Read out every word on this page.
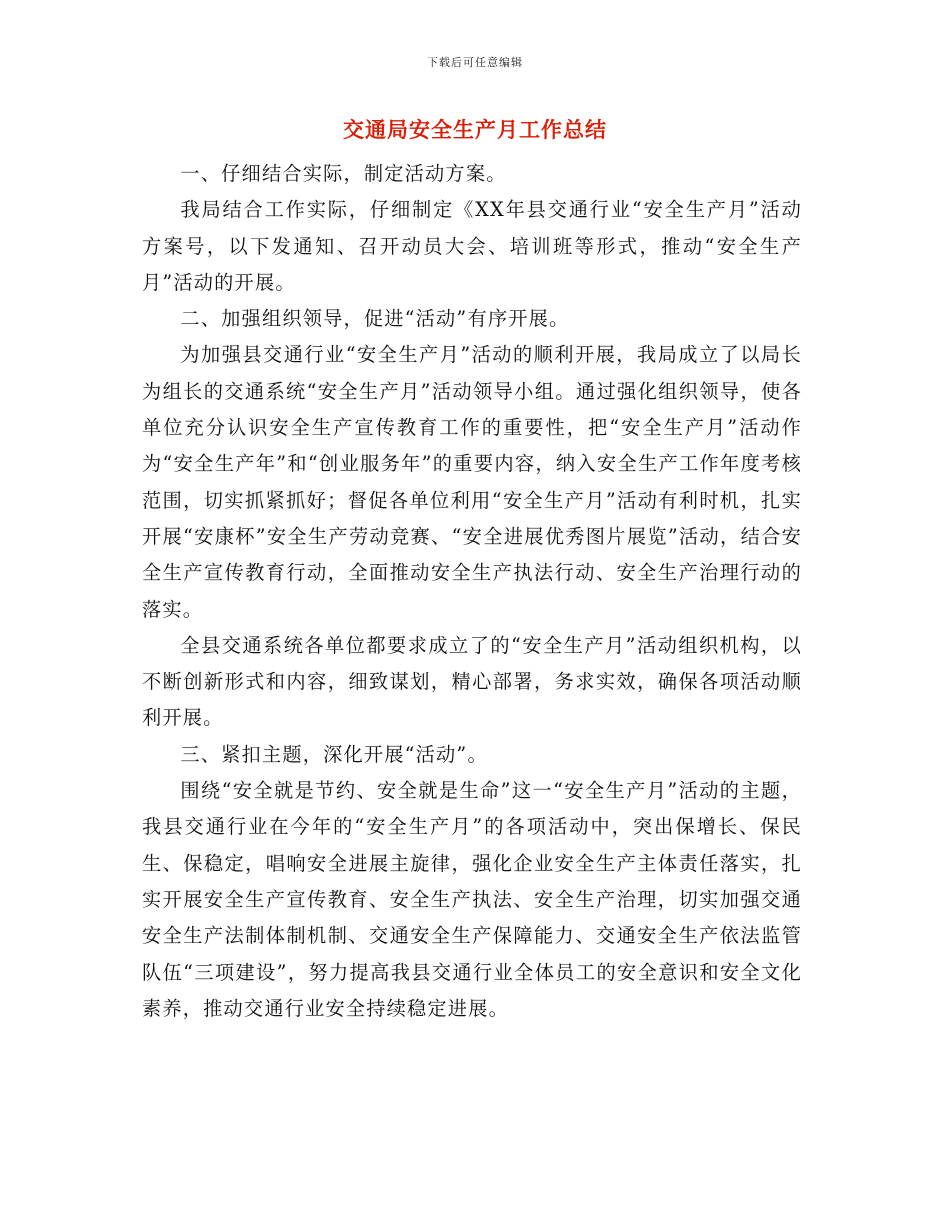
下载后可任意编辑
交通局安全生产月工作总结

一、仔细结合实际，制定活动方案。

我局结合工作实际，仔细制定《XX年县交通行业“安全生产月”活动方案号，以下发通知、召开动员大会、培训班等形式，推动“安全生产月”活动的开展。

二、加强组织领导，促进“活动”有序开展。

为加强县交通行业“安全生产月”活动的顺利开展，我局成立了以局长为组长的交通系统“安全生产月”活动领导小组。通过强化组织领导，使各单位充分认识安全生产宣传教育工作的重要性，把“安全生产月”活动作为“安全生产年”和“创业服务年”的重要内容，纳入安全生产工作年度考核范围，切实抓紧抓好；督促各单位利用“安全生产月”活动有利时机，扎实开展“安康杯”安全生产劳动竞赛、“安全进展优秀图片展览”活动，结合安全生产宣传教育行动，全面推动安全生产执法行动、安全生产治理行动的落实。

全县交通系统各单位都要求成立了的“安全生产月”活动组织机构，以不断创新形式和内容，细致谋划，精心部署，务求实效，确保各项活动顺利开展。

三、紧扣主题，深化开展“活动”。

围绕“安全就是节约、安全就是生命”这一“安全生产月”活动的主题，我县交通行业在今年的“安全生产月”的各项活动中，突出保增长、保民生、保稳定，唱响安全进展主旋律，强化企业安全生产主体责任落实，扎实开展安全生产宣传教育、安全生产执法、安全生产治理，切实加强交通安全生产法制体制机制、交通安全生产保障能力、交通安全生产依法监管队伍“三项建设”，努力提高我县交通行业全体员工的安全意识和安全文化素养，推动交通行业安全持续稳定进展。
